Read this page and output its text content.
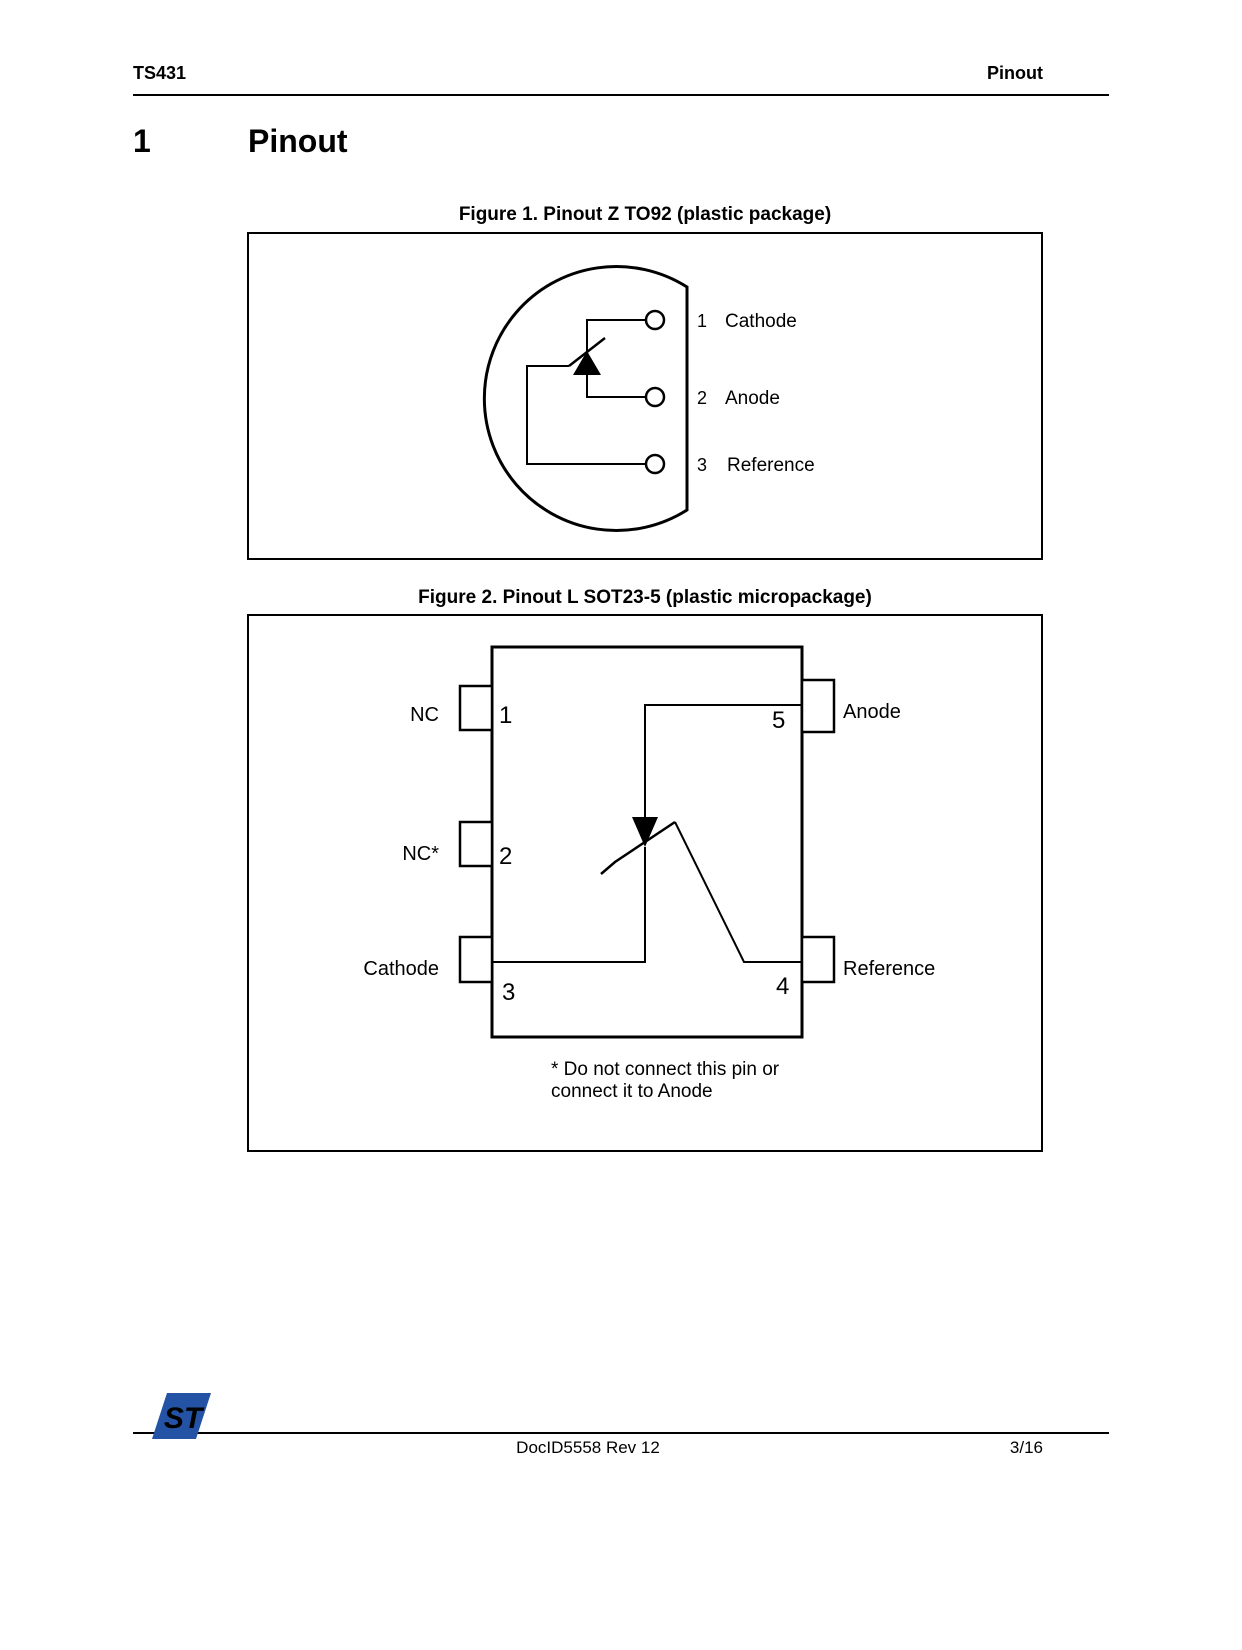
TS431	Pinout
1	Pinout
Figure 1. Pinout Z TO92 (plastic package)
1
2
3
Cathode
Anode
Reference
Figure 2. Pinout L SOT23-5 (plastic micropackage)
1
2
3
5
4
NC
NC*
Cathode
Anode
Reference
* Do not connect this pin or
connect it to Anode
ST
DocID5558 Rev 12	3/16
